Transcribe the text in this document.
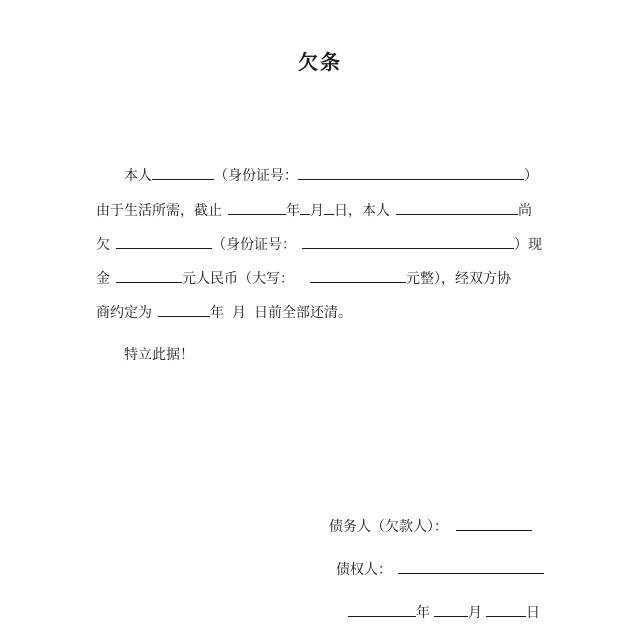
欠条
本人	（身份证号：	）
由于生活所需，截止	年 月 日，本人	尚
欠	（身份证号：	）现
金	元人民币（大写：	元整），经双方协
商约定为	年 月 日前全部还清。
特立此据！
债务人（欠款人）：
债权人：
年	月	日
